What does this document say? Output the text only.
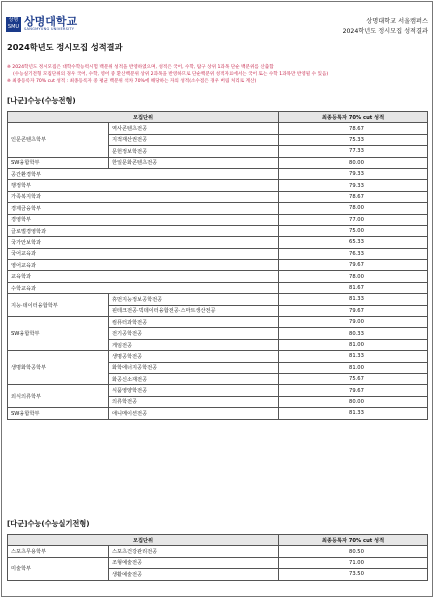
상명
SMU 상명대학교
SANGMYUNG UNIVERSITY
상명대학교 서울캠퍼스
2024학년도 정시모집 성적결과
2024학년도 정시모집 성적결과
※ 2024학년도 정시모집은 대학수학능력시험 백분위 성적을 반영하였으며, 성적은 국어, 수학, 탐구 상위 1과목 단순 백분위를 산출함
(수능실기전형 모집단위의 경우 국어, 수학, 영어 중 환산백분위 상위 2과목을 반영하므로 단순백분위 성적자료에서는 국어 또는 수학 1과목만 반영될 수 있음)
※ 최종등록자 70% cut 성적 : 최종등록자 중 평균 백분위 석차 70%에 해당하는 자의 성적(소수점은 경우 버림 처리로 계산)
[나군]수능(수능전형)
모집단위		최종등록자 70% cut 성적
인문콘텐츠학부	역사콘텐츠전공	78.67
	지적재산권전공	75.33
	문헌정보학전공	77.33
SW융합학부	한일문화콘텐츠전공	80.00
공간환경학부		79.33
행정학부		79.33
가족복지학과		78.67
경제금융학부		78.00
경영학부		77.00
글로벌경영학과		75.00
국가안보학과		65.33
국어교육과		76.33
영어교육과		79.67
교육학과		78.00
수학교육과		81.67
지능·데이터융합학부	휴먼지능정보공학전공	81.33
	핀테크전공·빅데이터융합전공·스마트생산전공	79.67
SW융합학부	컴퓨터과학전공	79.00
	전기공학전공	80.33
	게임전공	81.00
생명화학공학부	생명공학전공	81.33
	화학에너지공학전공	81.00
	화공신소재전공	75.67
외식의류학부	식품영양학전공	79.67
	의류학전공	80.00
SW융합학부	애니메이션전공	81.33
[다군]수능(수능실기전형)
모집단위		최종등록자 70% cut 성적
스포츠무용학부	스포츠건강관리전공	80.50
미술학부	조형예술전공	71.00
	생활예술전공	73.50
